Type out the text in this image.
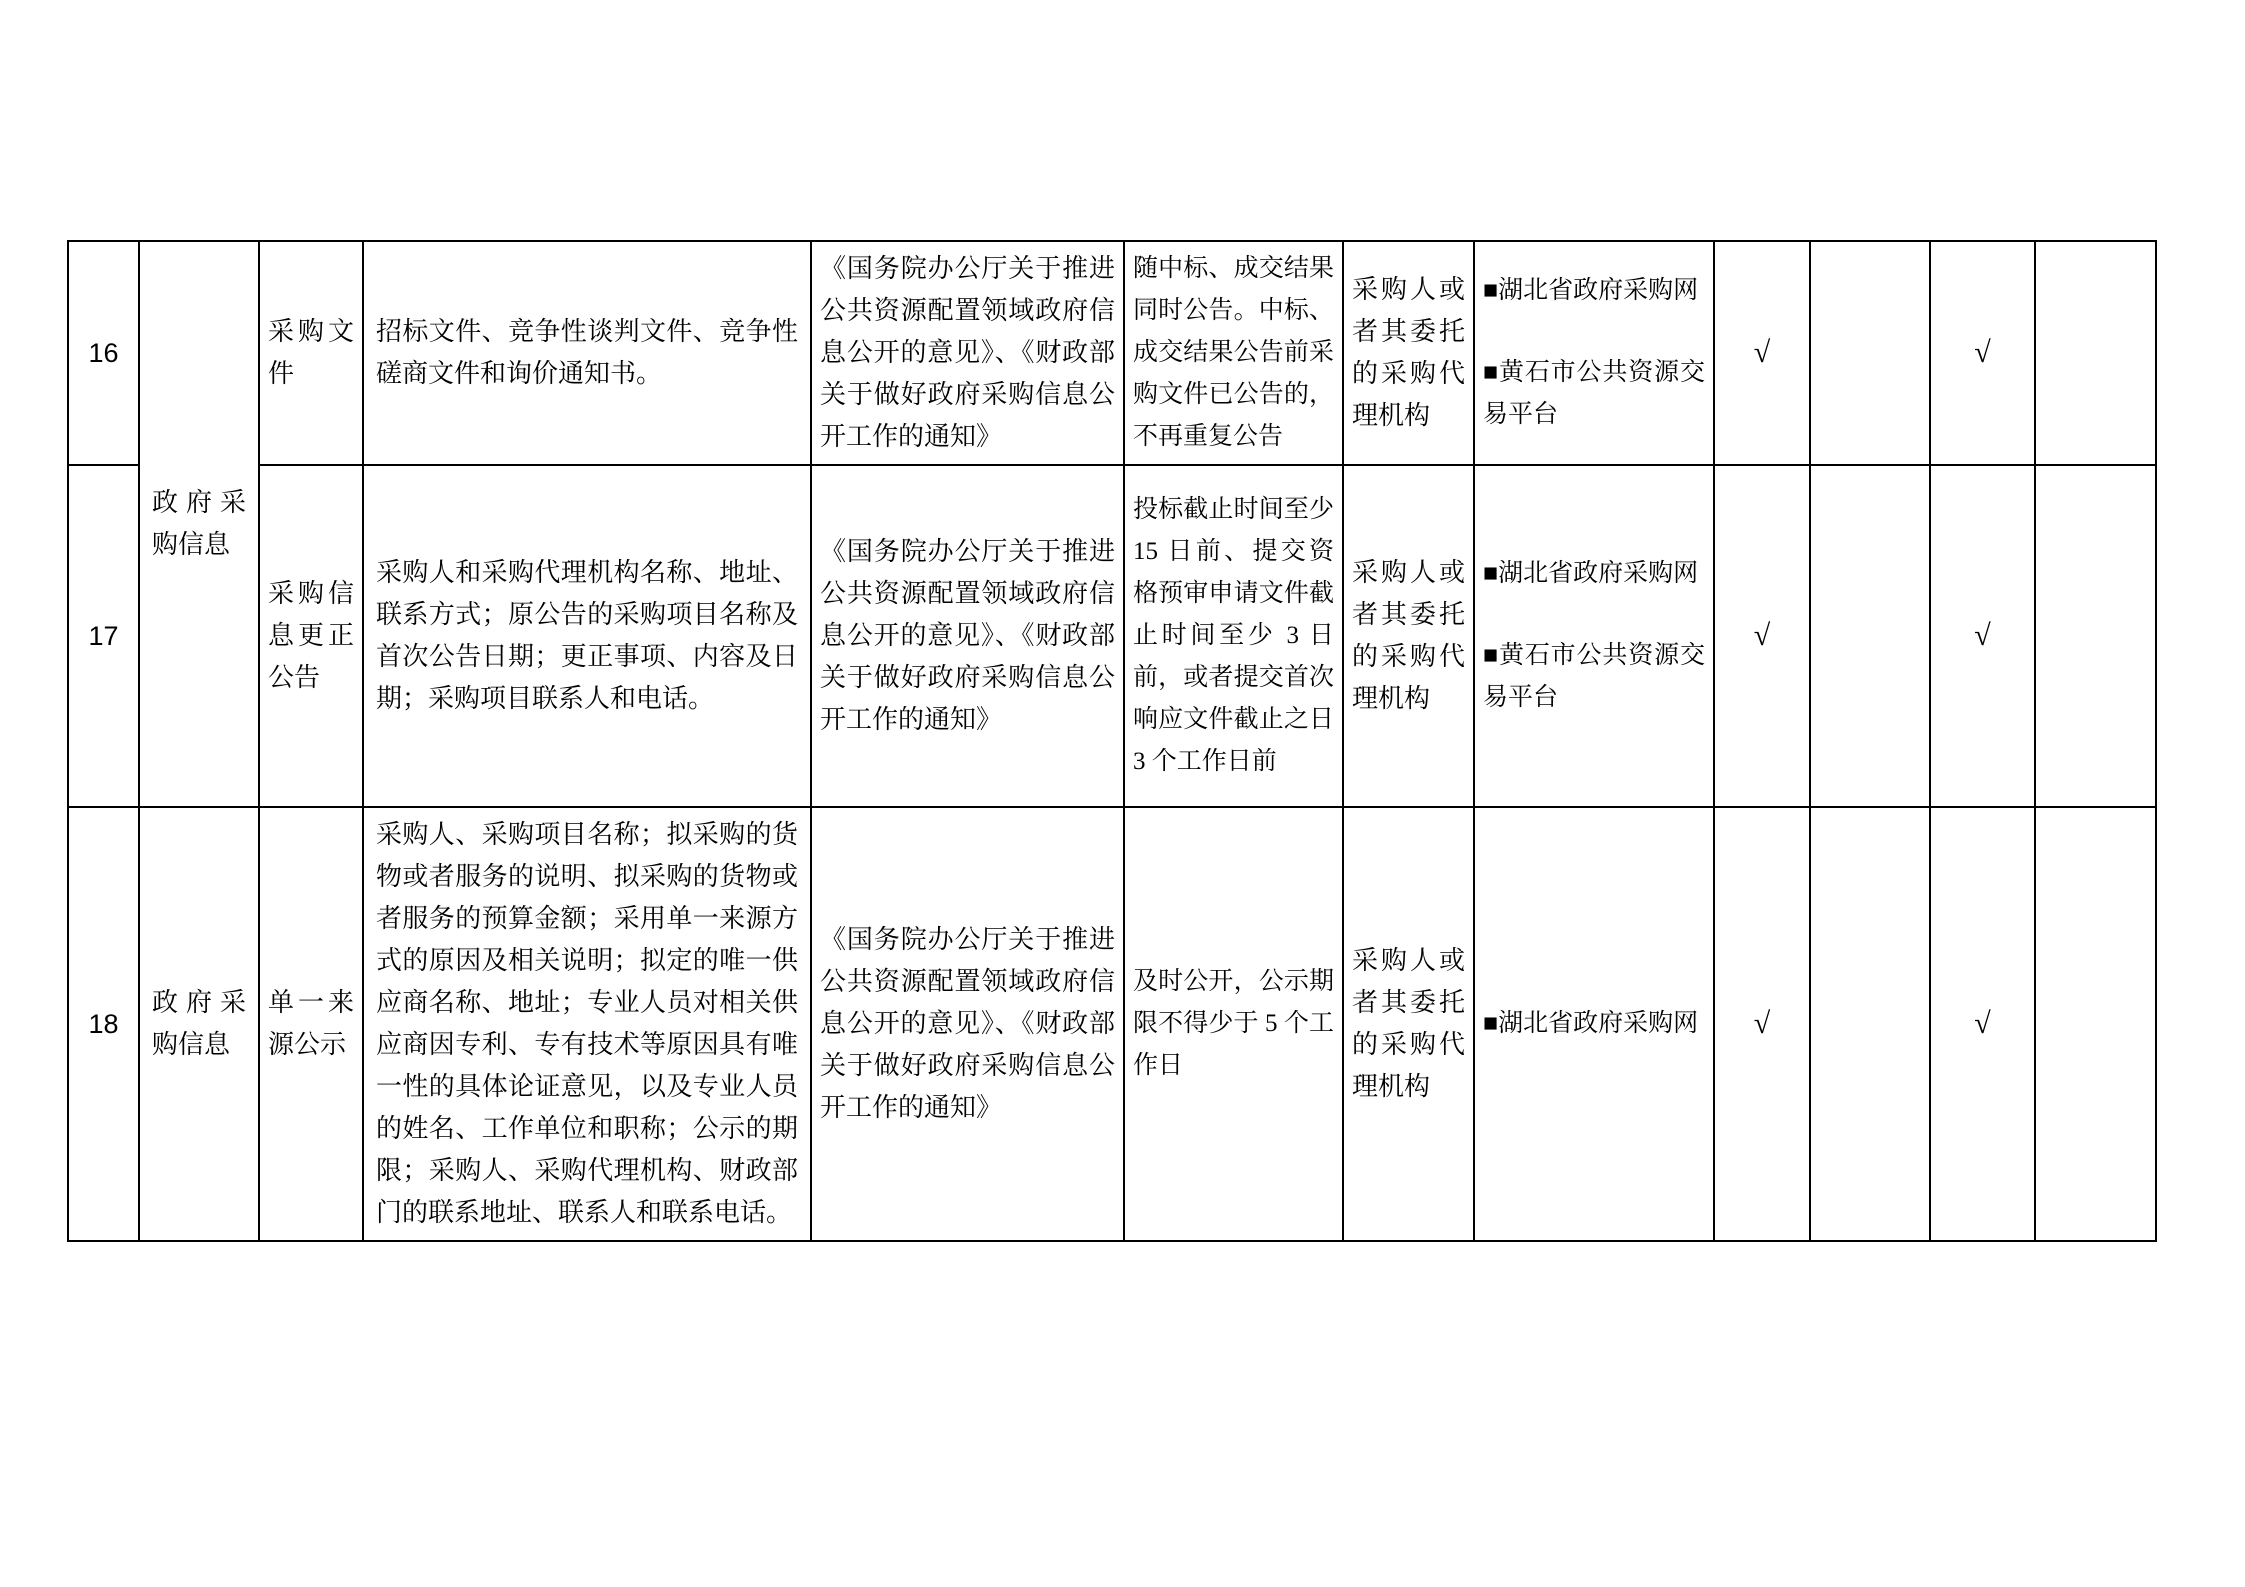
16	政府采购信息	采购文件	招标文件、竞争性谈判文件、竞争性磋商文件和询价通知书。	《国务院办公厅关于推进公共资源配置领域政府信息公开的意见》、《财政部关于做好政府采购信息公开工作的通知》	随中标、成交结果同时公告。中标、成交结果公告前采购文件已公告的，不再重复公告	采购人或者其委托的采购代理机构	■湖北省政府采购网
■黄石市公共资源交易平台	√		√	
17		采购信息更正公告	采购人和采购代理机构名称、地址、联系方式；原公告的采购项目名称及首次公告日期；更正事项、内容及日期；采购项目联系人和电话。	《国务院办公厅关于推进公共资源配置领域政府信息公开的意见》、《财政部关于做好政府采购信息公开工作的通知》	投标截止时间至少 15 日前、提交资格预审申请文件截止时间至少 3 日前，或者提交首次响应文件截止之日 3 个工作日前	采购人或者其委托的采购代理机构	■湖北省政府采购网
■黄石市公共资源交易平台	√		√	
18	政府采购信息	单一来源公示	采购人、采购项目名称；拟采购的货物或者服务的说明、拟采购的货物或者服务的预算金额；采用单一来源方式的原因及相关说明；拟定的唯一供应商名称、地址；专业人员对相关供应商因专利、专有技术等原因具有唯一性的具体论证意见，以及专业人员的姓名、工作单位和职称；公示的期限；采购人、采购代理机构、财政部门的联系地址、联系人和联系电话。	《国务院办公厅关于推进公共资源配置领域政府信息公开的意见》、《财政部关于做好政府采购信息公开工作的通知》	及时公开，公示期限不得少于 5 个工作日	采购人或者其委托的采购代理机构	■湖北省政府采购网	√		√	
